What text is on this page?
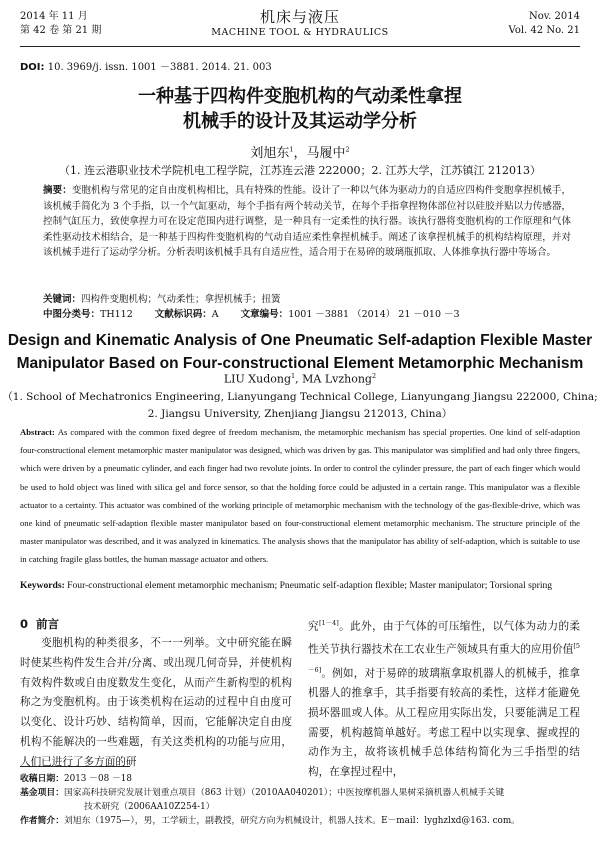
2014 年 11 月
第 42 卷 第 21 期
机床与液压
MACHINE TOOL & HYDRAULICS
Nov. 2014
Vol. 42 No. 21
DOI: 10. 3969/j. issn. 1001 －3881. 2014. 21. 003
一种基于四构件变胞机构的气动柔性拿捏
机械手的设计及其运动学分析
刘旭东$^1$，马履中$^2$
（1. 连云港职业技术学院机电工程学院，江苏连云港 222000；2. 江苏大学，江苏镇江 212013）
摘要：变胞机构与常见的定自由度机构相比，具有特殊的性能。设计了一种以气体为驱动力的自适应四构件变胞拿捏机械手，该机械手简化为 3 个手指，以一个气缸驱动，每个手指有两个转动关节，在每个手指拿捏物体部位衬以硅胶并贴以力传感器，控制气缸压力，致使拿捏力可在设定范围内进行调整，是一种具有一定柔性的执行器。该执行器将变胞机构的工作原理和气体柔性驱动技术相结合，是一种基于四构件变胞机构的气动自适应柔性拿捏机械手。阐述了该拿捏机械手的机构结构原理，并对该机械手进行了运动学分析。分析表明该机械手具有自适应性，适合用于在易碎的玻璃瓶抓取、人体推拿执行器中等场合。
关键词：四构件变胞机构；气动柔性；拿捏机械手；扭簧
中图分类号：TH112 文献标识码：A 文章编号：1001 －3881 （2014） 21 －010 －3
Design and Kinematic Analysis of One Pneumatic Self-adaption Flexible Master
Manipulator Based on Four-constructional Element Metamorphic Mechanism
LIU Xudong$^1$, MA Lvzhong$^2$
（1. School of Mechatronics Engineering, Lianyungang Technical College, Lianyungang Jiangsu 222000, China;
2. Jiangsu University, Zhenjiang Jiangsu 212013, China）
Abstract: As compared with the common fixed degree of freedom mechanism, the metamorphic mechanism has special properties. One kind of self-adaption four-constructional element metamorphic master manipulator was designed, which was driven by gas. This manipulator was simplified and had only three fingers, which were driven by a pneumatic cylinder, and each finger had two revolute joints. In order to control the cylinder pressure, the part of each finger which would be used to hold object was lined with silica gel and force sensor, so that the holding force could be adjusted in a certain range. This manipulator was a flexible actuator to a certainty. This actuator was combined of the working principle of metamorphic mechanism with the technology of the gas-flexible-drive, which was one kind of pneumatic self-adaption flexible master manipulator based on four-constructional element metamorphic mechanism. The structure principle of the master manipulator was described, and it was analyzed in kinematics. The analysis shows that the manipulator has ability of self-adaption, which is suitable to use in catching fragile glass bottles, the human massage actuator and others.
Keywords: Four-constructional element metamorphic mechanism; Pneumatic self-adaption flexible; Master manipulator; Torsional spring
0 前言
变胞机构的种类很多，不一一列举。文中研究能在瞬时使某些构件发生合并/分离、或出现几何奇异，并使机构有效构件数或自由度数发生变化，从而产生新构型的机构称之为变胞机构。由于该类机构在运动的过程中自由度可以变化、设计巧妙、结构简单，因而，它能解决定自由度机构不能解决的一些难题，有关这类机构的功能与应用，人们已进行了多方面的研
究[1－4]。此外，由于气体的可压缩性，以气体为动力的柔性关节执行器技术在工农业生产领域具有重大的应用价值[5－6]。例如，对于易碎的玻璃瓶拿取机器人的机械手，推拿机器人的推拿手，其手指要有较高的柔性，这样才能避免损坏器皿或人体。从工程应用实际出发，只要能满足工程需要，机构越简单越好。考虑工程中以实现拿、握或捏的动作为主，故将该机械手总体结构简化为三手指型的结构，在拿捏过程中，
收稿日期：2013 －08 －18
基金项目：国家高科技研究发展计划重点项目（863 计划）（2010AA040201）；中医按摩机器人果树采摘机器人机械手关键
技术研究（2006AA10Z254-1）
作者简介：刘旭东（1975—），男，工学硕士，副教授，研究方向为机械设计，机器人技术。E－mail：lyghzlxd@163. com。
